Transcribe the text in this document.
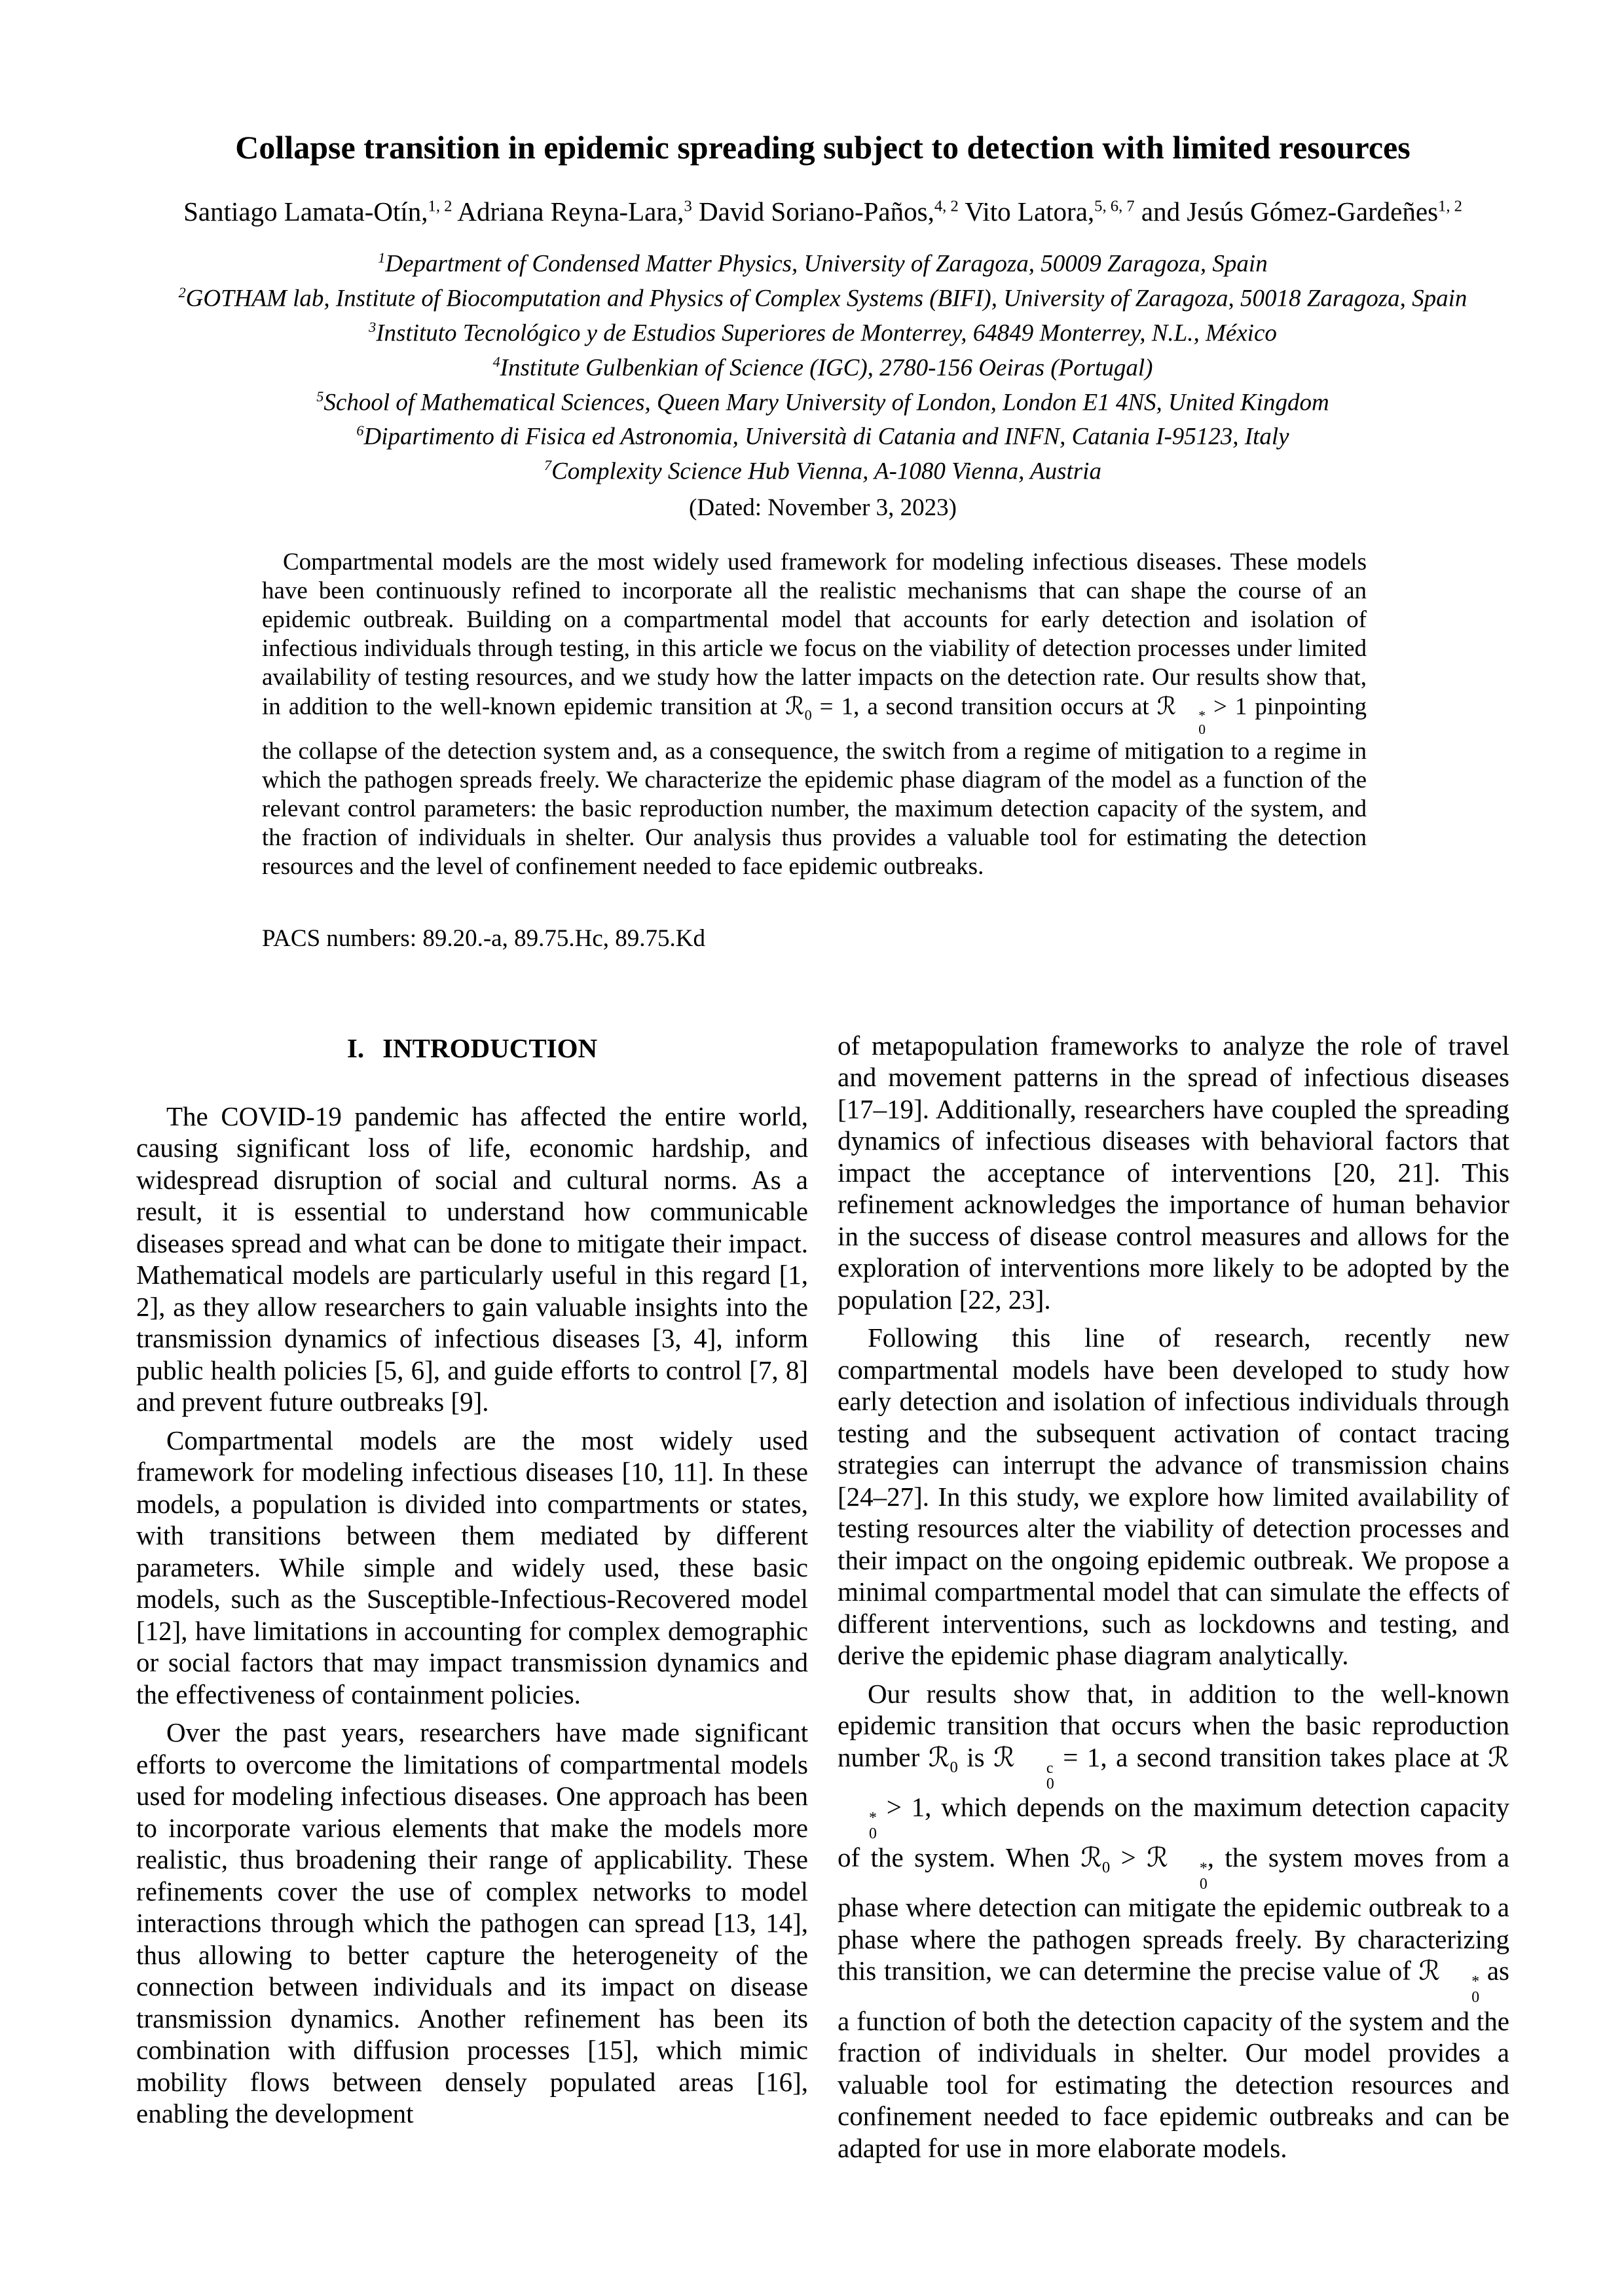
Collapse transition in epidemic spreading subject to detection with limited resources
Santiago Lamata-Otín,$^{1, 2}$ Adriana Reyna-Lara,$^3$ David Soriano-Paños,$^{4, 2}$ Vito Latora,$^{5, 6, 7}$ and Jesús Gómez-Gardeñes$^{1, 2}$
$^1$Department of Condensed Matter Physics, University of Zaragoza, 50009 Zaragoza, Spain
$^2$GOTHAM lab, Institute of Biocomputation and Physics of Complex Systems (BIFI), University of Zaragoza, 50018 Zaragoza, Spain
$^3$Instituto Tecnológico y de Estudios Superiores de Monterrey, 64849 Monterrey, N.L., México
$^4$Institute Gulbenkian of Science (IGC), 2780-156 Oeiras (Portugal)
$^5$School of Mathematical Sciences, Queen Mary University of London, London E1 4NS, United Kingdom
$^6$Dipartimento di Fisica ed Astronomia, Università di Catania and INFN, Catania I-95123, Italy
$^7$Complexity Science Hub Vienna, A-1080 Vienna, Austria
(Dated: November 3, 2023)
Compartmental models are the most widely used framework for modeling infectious diseases. These models have been continuously refined to incorporate all the realistic mechanisms that can shape the course of an epidemic outbreak. Building on a compartmental model that accounts for early detection and isolation of infectious individuals through testing, in this article we focus on the viability of detection processes under limited availability of testing resources, and we study how the latter impacts on the detection rate. Our results show that, in addition to the well-known epidemic transition at ℛ$_0$ = 1, a second transition occurs at ℛ	*
0
> 1 pinpointing the collapse of the detection system and, as a consequence, the switch from a regime of mitigation to a regime in which the pathogen spreads freely. We characterize the epidemic phase diagram of the model as a function of the relevant control parameters: the basic reproduction number, the maximum detection capacity of the system, and the fraction of individuals in shelter. Our analysis thus provides a valuable tool for estimating the detection resources and the level of confinement needed to face epidemic outbreaks.
PACS numbers: 89.20.-a, 89.75.Hc, 89.75.Kd
I. INTRODUCTION
The COVID-19 pandemic has affected the entire world, causing significant loss of life, economic hardship, and widespread disruption of social and cultural norms. As a result, it is essential to understand how communicable diseases spread and what can be done to mitigate their impact. Mathematical models are particularly useful in this regard [1, 2], as they allow researchers to gain valuable insights into the transmission dynamics of infectious diseases [3, 4], inform public health policies [5, 6], and guide efforts to control [7, 8] and prevent future outbreaks [9].
Compartmental models are the most widely used framework for modeling infectious diseases [10, 11]. In these models, a population is divided into compartments or states, with transitions between them mediated by different parameters. While simple and widely used, these basic models, such as the Susceptible-Infectious-Recovered model [12], have limitations in accounting for complex demographic or social factors that may impact transmission dynamics and the effectiveness of containment policies.
Over the past years, researchers have made significant efforts to overcome the limitations of compartmental models used for modeling infectious diseases. One approach has been to incorporate various elements that make the models more realistic, thus broadening their range of applicability. These refinements cover the use of complex networks to model interactions through which the pathogen can spread [13, 14], thus allowing to better capture the heterogeneity of the connection between individuals and its impact on disease transmission dynamics. Another refinement has been its combination with diffusion processes [15], which mimic mobility flows between densely populated areas [16], enabling the development
of metapopulation frameworks to analyze the role of travel and movement patterns in the spread of infectious diseases [17–19]. Additionally, researchers have coupled the spreading dynamics of infectious diseases with behavioral factors that impact the acceptance of interventions [20, 21]. This refinement acknowledges the importance of human behavior in the success of disease control measures and allows for the exploration of interventions more likely to be adopted by the population [22, 23].
Following this line of research, recently new compartmental models have been developed to study how early detection and isolation of infectious individuals through testing and the subsequent activation of contact tracing strategies can interrupt the advance of transmission chains [24–27]. In this study, we explore how limited availability of testing resources alter the viability of detection processes and their impact on the ongoing epidemic outbreak. We propose a minimal compartmental model that can simulate the effects of different interventions, such as lockdowns and testing, and derive the epidemic phase diagram analytically.
Our results show that, in addition to the well-known epidemic transition that occurs when the basic reproduction number ℛ$_0$ is ℛ	c
0
= 1, a second transition takes place at ℛ
*
0
> 1, which depends on the maximum detection capacity of the system. When ℛ$_0$ > ℛ	*
0
, the system moves from a phase where detection can mitigate the epidemic outbreak to a phase where the pathogen spreads freely. By characterizing this transition, we can determine the precise value of ℛ	*
0
as a function of both the detection capacity of the system and the fraction of individuals in shelter. Our model provides a valuable tool for estimating the detection resources and confinement needed to face epidemic outbreaks and can be adapted for use in more elaborate models.
